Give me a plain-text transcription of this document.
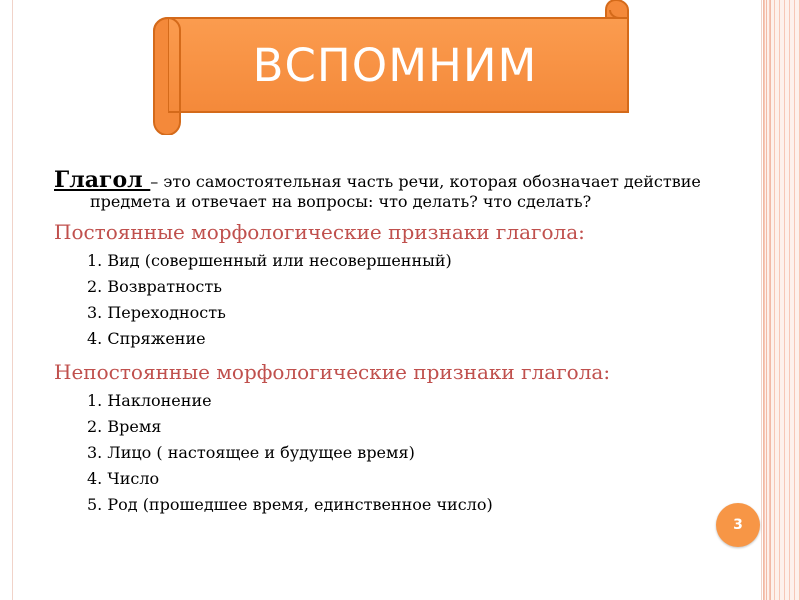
ВСПОМНИМ

Глагол – это самостоятельная часть речи, которая обозначает действие
предмета и отвечает на вопросы: что делать? что сделать?

Постоянные морфологические признаки глагола:
1. Вид (совершенный или несовершенный)
2. Возвратность
3. Переходность
4. Спряжение
Непостоянные морфологические признаки глагола:
1. Наклонение
2. Время
3. Лицо ( настоящее и будущее время)
4. Число
5. Род (прошедшее время, единственное число)
3
